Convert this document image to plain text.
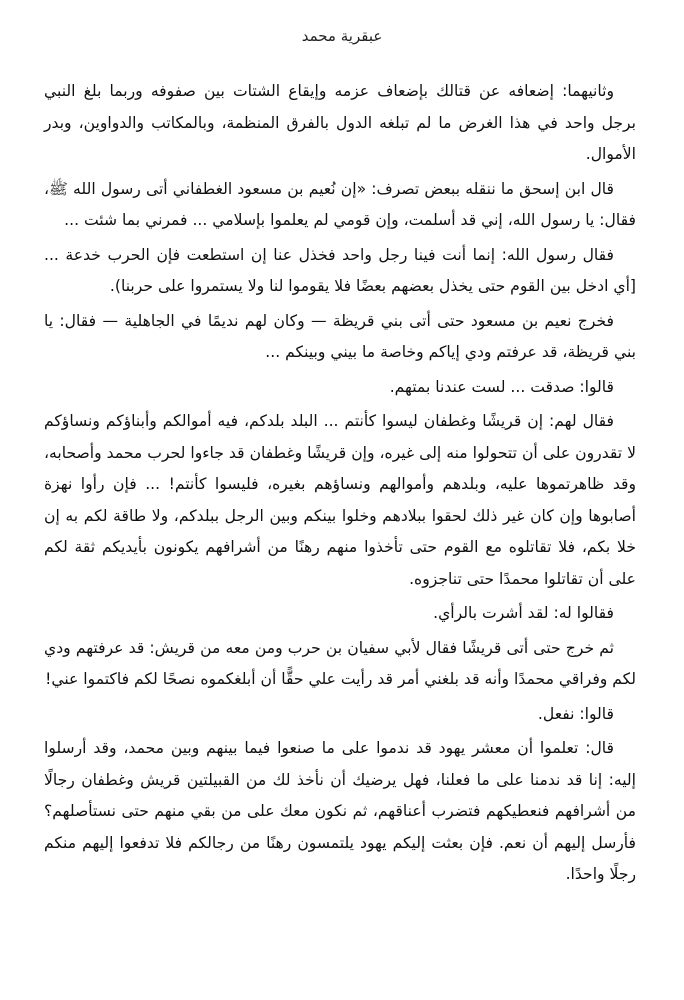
عبقرية محمد

وثانيهما: إضعافه عن قتالك بإضعاف عزمه وإيقاع الشتات بين صفوفه وربما بلغ النبي برجل واحد في هذا الغرض ما لم تبلغه الدول بالفرق المنظمة، وبالمكاتب والدواوين، وبدر الأموال.

قال ابن إسحق ما ننقله ببعض تصرف: «إن نُعيم بن مسعود الغطفاني أتى رسول الله ﷺ، فقال: يا رسول الله، إني قد أسلمت، وإن قومي لم يعلموا بإسلامي ... فمرني بما شئت ...

فقال رسول الله: إنما أنت فينا رجل واحد فخذل عنا إن استطعت فإن الحرب خدعة ... [أي ادخل بين القوم حتى يخذل بعضهم بعضًا فلا يقوموا لنا ولا يستمروا على حربنا).

فخرج نعيم بن مسعود حتى أتى بني قريظة — وكان لهم نديمًا في الجاهلية — فقال: يا بني قريظة، قد عرفتم ودي إياكم وخاصة ما بيني وبينكم ...

قالوا: صدقت ... لست عندنا بمتهم.

فقال لهم: إن قريشًا وغطفان ليسوا كأنتم ... البلد بلدكم، فيه أموالكم وأبناؤكم ونساؤكم لا تقدرون على أن تتحولوا منه إلى غيره، وإن قريشًا وغطفان قد جاءوا لحرب محمد وأصحابه، وقد ظاهرتموها عليه، وبلدهم وأموالهم ونساؤهم بغيره، فليسوا كأنتم! ... فإن رأوا نهزة أصابوها وإن كان غير ذلك لحقوا ببلادهم وخلوا بينكم وبين الرجل ببلدكم، ولا طاقة لكم به إن خلا بكم، فلا تقاتلوه مع القوم حتى تأخذوا منهم رهنًا من أشرافهم يكونون بأيديكم ثقة لكم على أن تقاتلوا محمدًا حتى تناجزوه.

فقالوا له: لقد أشرت بالرأي.

ثم خرج حتى أتى قريشًا فقال لأبي سفيان بن حرب ومن معه من قريش: قد عرفتهم ودي لكم وفراقي محمدًا وأنه قد بلغني أمر قد رأيت علي حقًّا أن أبلغكموه نصحًا لكم فاكتموا عني!

قالوا: نفعل.

قال: تعلموا أن معشر يهود قد ندموا على ما صنعوا فيما بينهم وبين محمد، وقد أرسلوا إليه: إنا قد ندمنا على ما فعلنا، فهل يرضيك أن نأخذ لك من القبيلتين قريش وغطفان رجالًا من أشرافهم فنعطيكهم فتضرب أعناقهم، ثم نكون معك على من بقي منهم حتى نستأصلهم؟ فأرسل إليهم أن نعم. فإن بعثت إليكم يهود يلتمسون رهنًا من رجالكم فلا تدفعوا إليهم منكم رجلًا واحدًا.
